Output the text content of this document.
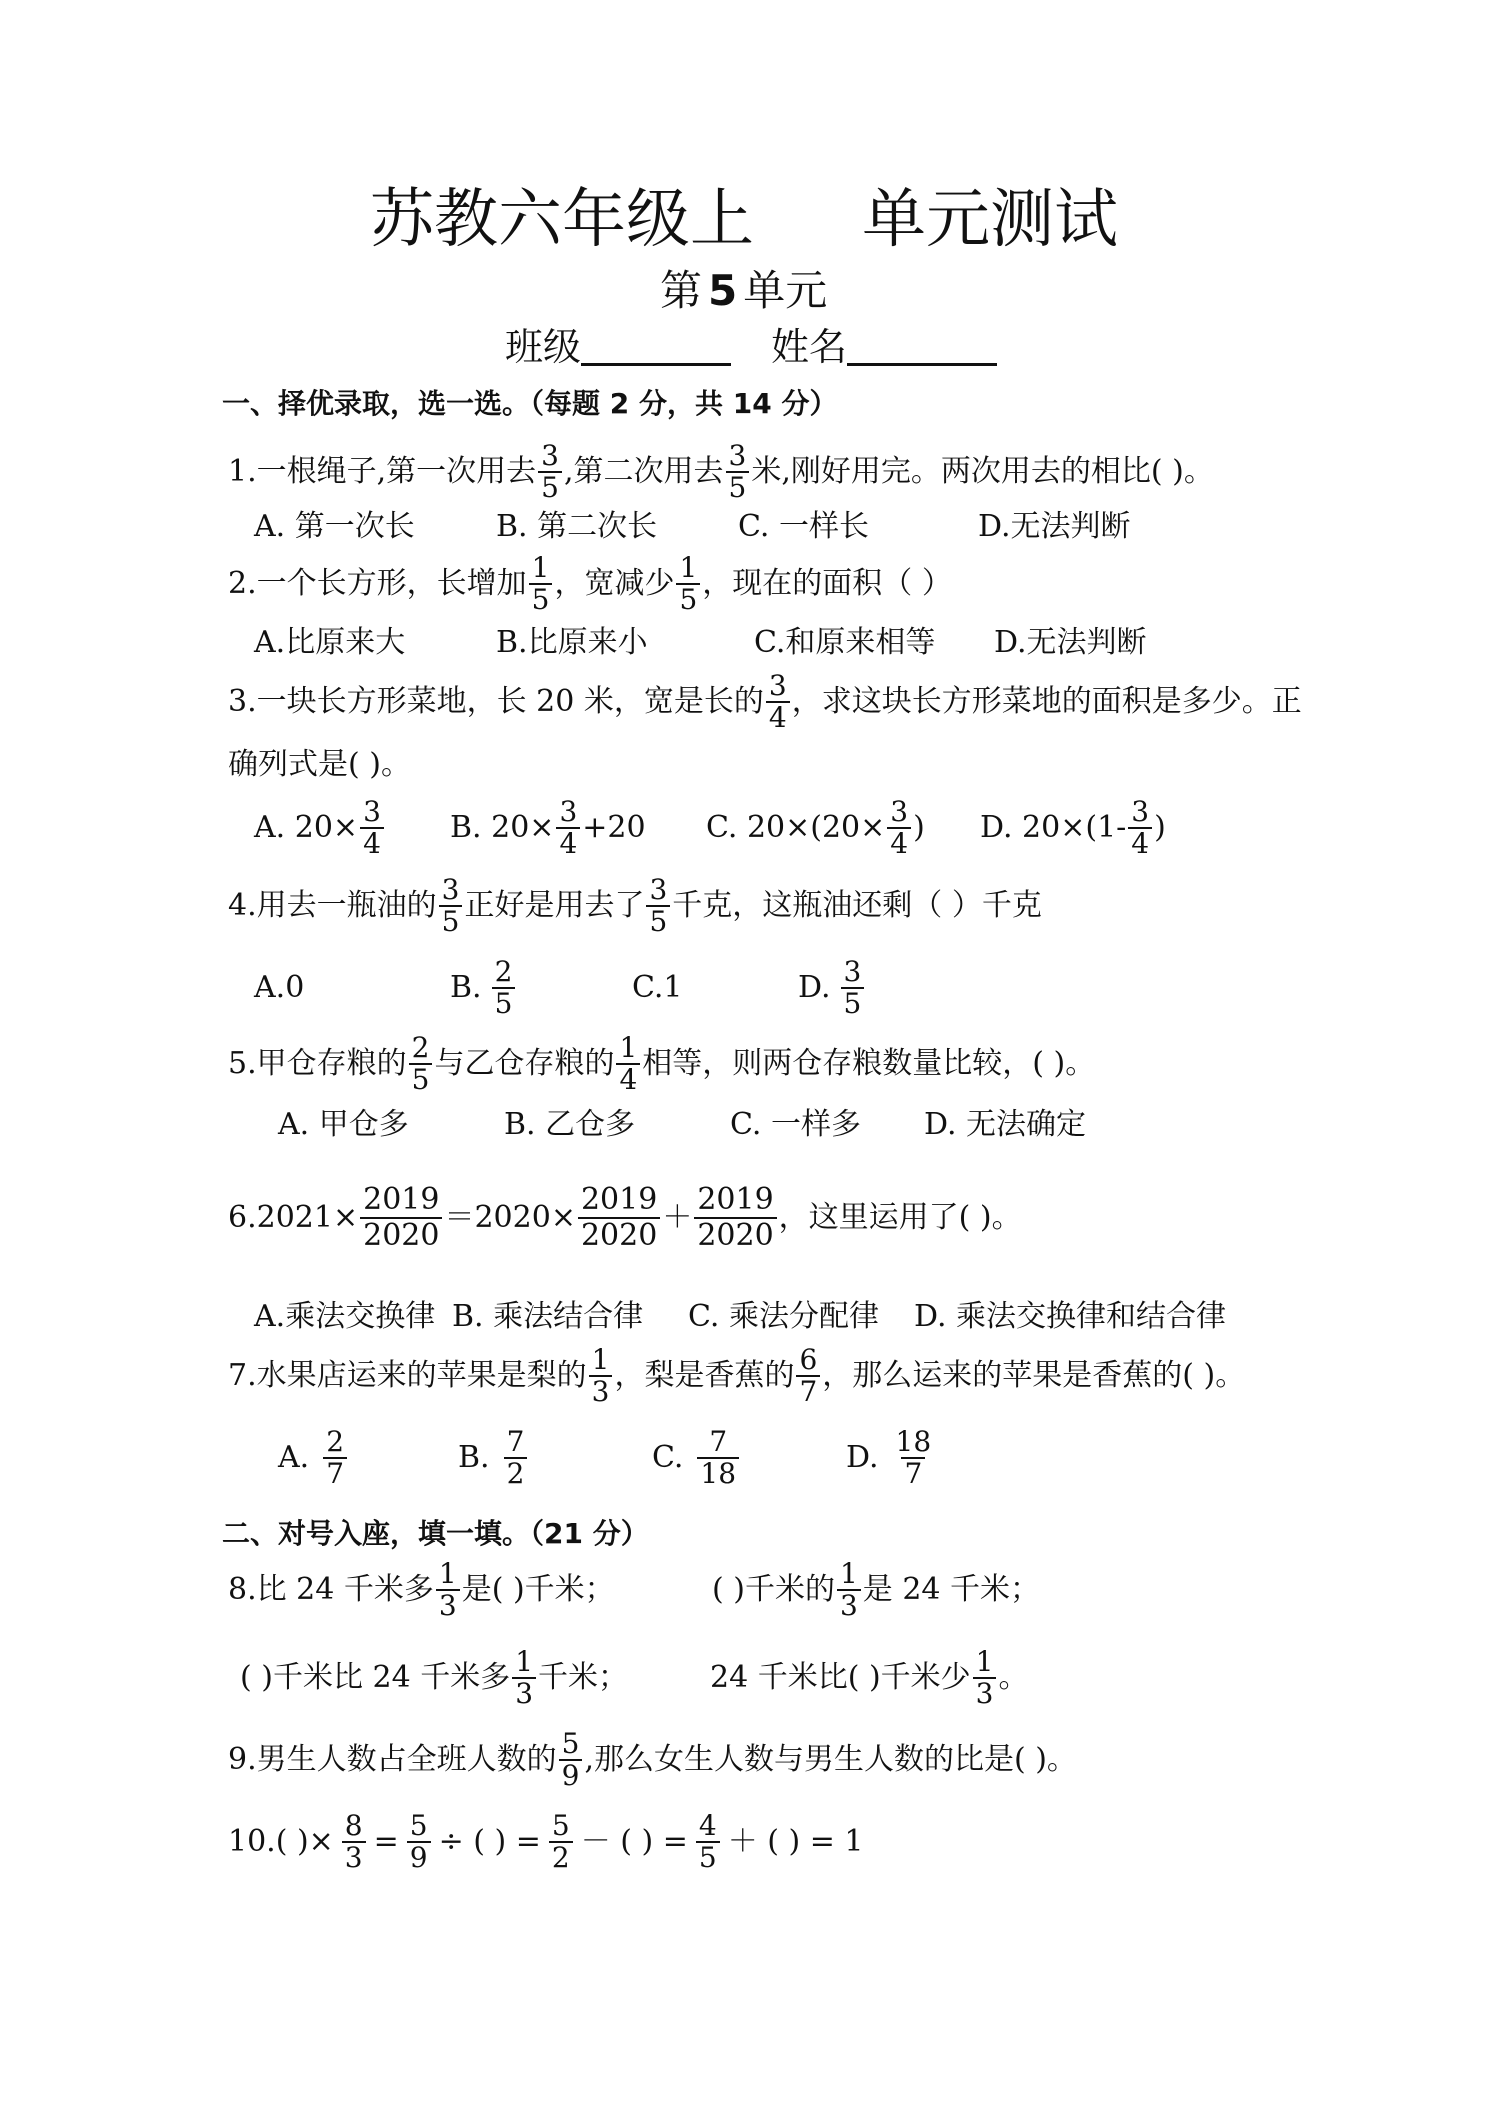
苏教六年级上 单元测试
第 5 单元
班级	姓名
一、择优录取，选一选。（每题 2 分，共 14 分）
1.一根绳子,第一次用去 $\frac{3}{5}$ ,第二次用去 $\frac{3}{5}$ 米,刚好用完。两次用去的相比( )。
A. 第一次长	B. 第二次长	C. 一样长	D.无法判断
2.一个长方形，长增加 $\frac{1}{5}$ ，宽减少 $\frac{1}{5}$ ，现在的面积（ ）
A.比原来大	B.比原来小	C.和原来相等 D.无法判断
3.一块长方形菜地，长 20 米，宽是长的 $\frac{3}{4}$ ，求这块长方形菜地的面积是多少。正
确列式是( )。
A. $20\times \frac{3}{4} B$. $20\times \frac{3}{4} +20$ C. $20\times(20\times \frac{3}{4}$ ) D. $20\times(1- \frac{3}{4}$ )
4.用去一瓶油的 $\frac{3}{5}$ 正好是用去了 $\frac{3}{5}$ 千克，这瓶油还剩（ ）千克
A.0	B. $\frac{2}{5}$	C.1	D. $\frac{3}{5}$
5.甲仓存粮的 $\frac{2}{5}$ 与乙仓存粮的 $\frac{1}{4}$ 相等，则两仓存粮数量比较，( )。
A. 甲仓多	B. 乙仓多	C. 一样多 D. 无法确定
$6.2021\times \frac{2019}{2020} =2020\times \frac{2019}{2020} + \frac{2019}{2020}$ ，这里运用了( )。
A.乘法交换律 B. 乘法结合律 C. 乘法分配律 D. 乘法交换律和结合律
7.水果店运来的苹果是梨的 $\frac{1}{3}$ ，梨是香蕉的 $\frac{6}{7}$ ，那么运来的苹果是香蕉的( )。
A. $\frac{2}{7}$	B. $\frac{7}{2}$	C. $\frac{7}{18}$	D. $\frac{18}{7}$
二、对号入座，填一填。（21 分）
8.比 24 千米多 $\frac{1}{3}$ 是( )千米；	( )千米的 $\frac{1}{3}$ 是 24 千米；
( )千米比 24 千米多 $\frac{1}{3}$ 千米；	24 千米比( )千米少 $\frac{1}{3}$ 。
9.男生人数占全班人数的 $\frac{5}{9}$ ,那么女生人数与男生人数的比是( )。
10.( )× $\frac{8}{3} = \frac{5}{9}$ ÷ ( ) = $\frac{5}{2}$ － ( ) = $\frac{4}{5}$ ＋ ( ) = 1
